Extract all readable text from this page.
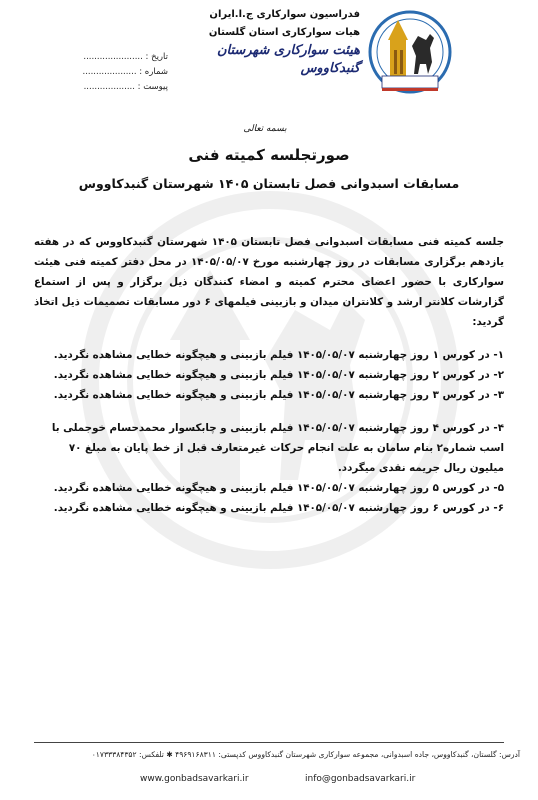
فدراسیون سوارکاری ج.ا.ایران
هیات سوارکاری استان گلستان
هیئت سوارکاری شهرستان گنبدکاووس
تاریخ : ......................
شماره : ....................
پیوست : ...................
بسمه تعالی
صورتجلسه کمیته فنی
مسابقات اسبدوانی فصل تابستان ۱۴۰۵ شهرستان گنبدکاووس
جلسه کمیته فنی مسابقات اسبدوانی فصل تابستان ۱۴۰۵ شهرستان گنبدکاووس که در هفته یازدهم برگزاری مسابقات در روز چهارشنبه مورخ ۱۴۰۵/۰۵/۰۷ در محل دفتر کمیته فنی هیئت سوارکاری با حضور اعضای محترم کمیته و امضاء کنندگان ذیل برگزار و پس از استماع گزارشات کلانتر ارشد و کلانتران میدان و بازبینی فیلمهای ۶ دور مسابقات تصمیمات ذیل اتخاذ گردید:
۱- در کورس ۱ روز چهارشنبه ۱۴۰۵/۰۵/۰۷ فیلم بازبینی و هیچگونه خطایی مشاهده نگردید.
۲- در کورس ۲ روز چهارشنبه ۱۴۰۵/۰۵/۰۷ فیلم بازبینی و هیچگونه خطایی مشاهده نگردید.
۳- در کورس ۳ روز چهارشنبه ۱۴۰۵/۰۵/۰۷ فیلم بازبینی و هیچگونه خطایی مشاهده نگردید.
۴- در کورس ۴ روز چهارشنبه ۱۴۰۵/۰۵/۰۷ فیلم بازبینی و چابکسوار محمدحسام خوجملی با اسب شماره۲ بنام سامان به علت انجام حرکات غیرمتعارف قبل از خط پایان به مبلغ ۷۰ میلیون ریال جریمه نقدی میگردد.
۵- در کورس ۵ روز چهارشنبه ۱۴۰۵/۰۵/۰۷ فیلم بازبینی و هیچگونه خطایی مشاهده نگردید.
۶- در کورس ۶ روز چهارشنبه ۱۴۰۵/۰۵/۰۷ فیلم بازبینی و هیچگونه خطایی مشاهده نگردید.
آدرس: گلستان، گنبدکاووس، جاده اسبدوانی، مجموعه سوارکاری شهرستان گنبدکاووس کدپستی: ۴۹۶۹۱۶۸۳۱۱ ✱ تلفکس: ۰۱۷۳۳۳۸۴۳۵۲
www.gonbadsavarkari.ir	info@gonbadsavarkari.ir
